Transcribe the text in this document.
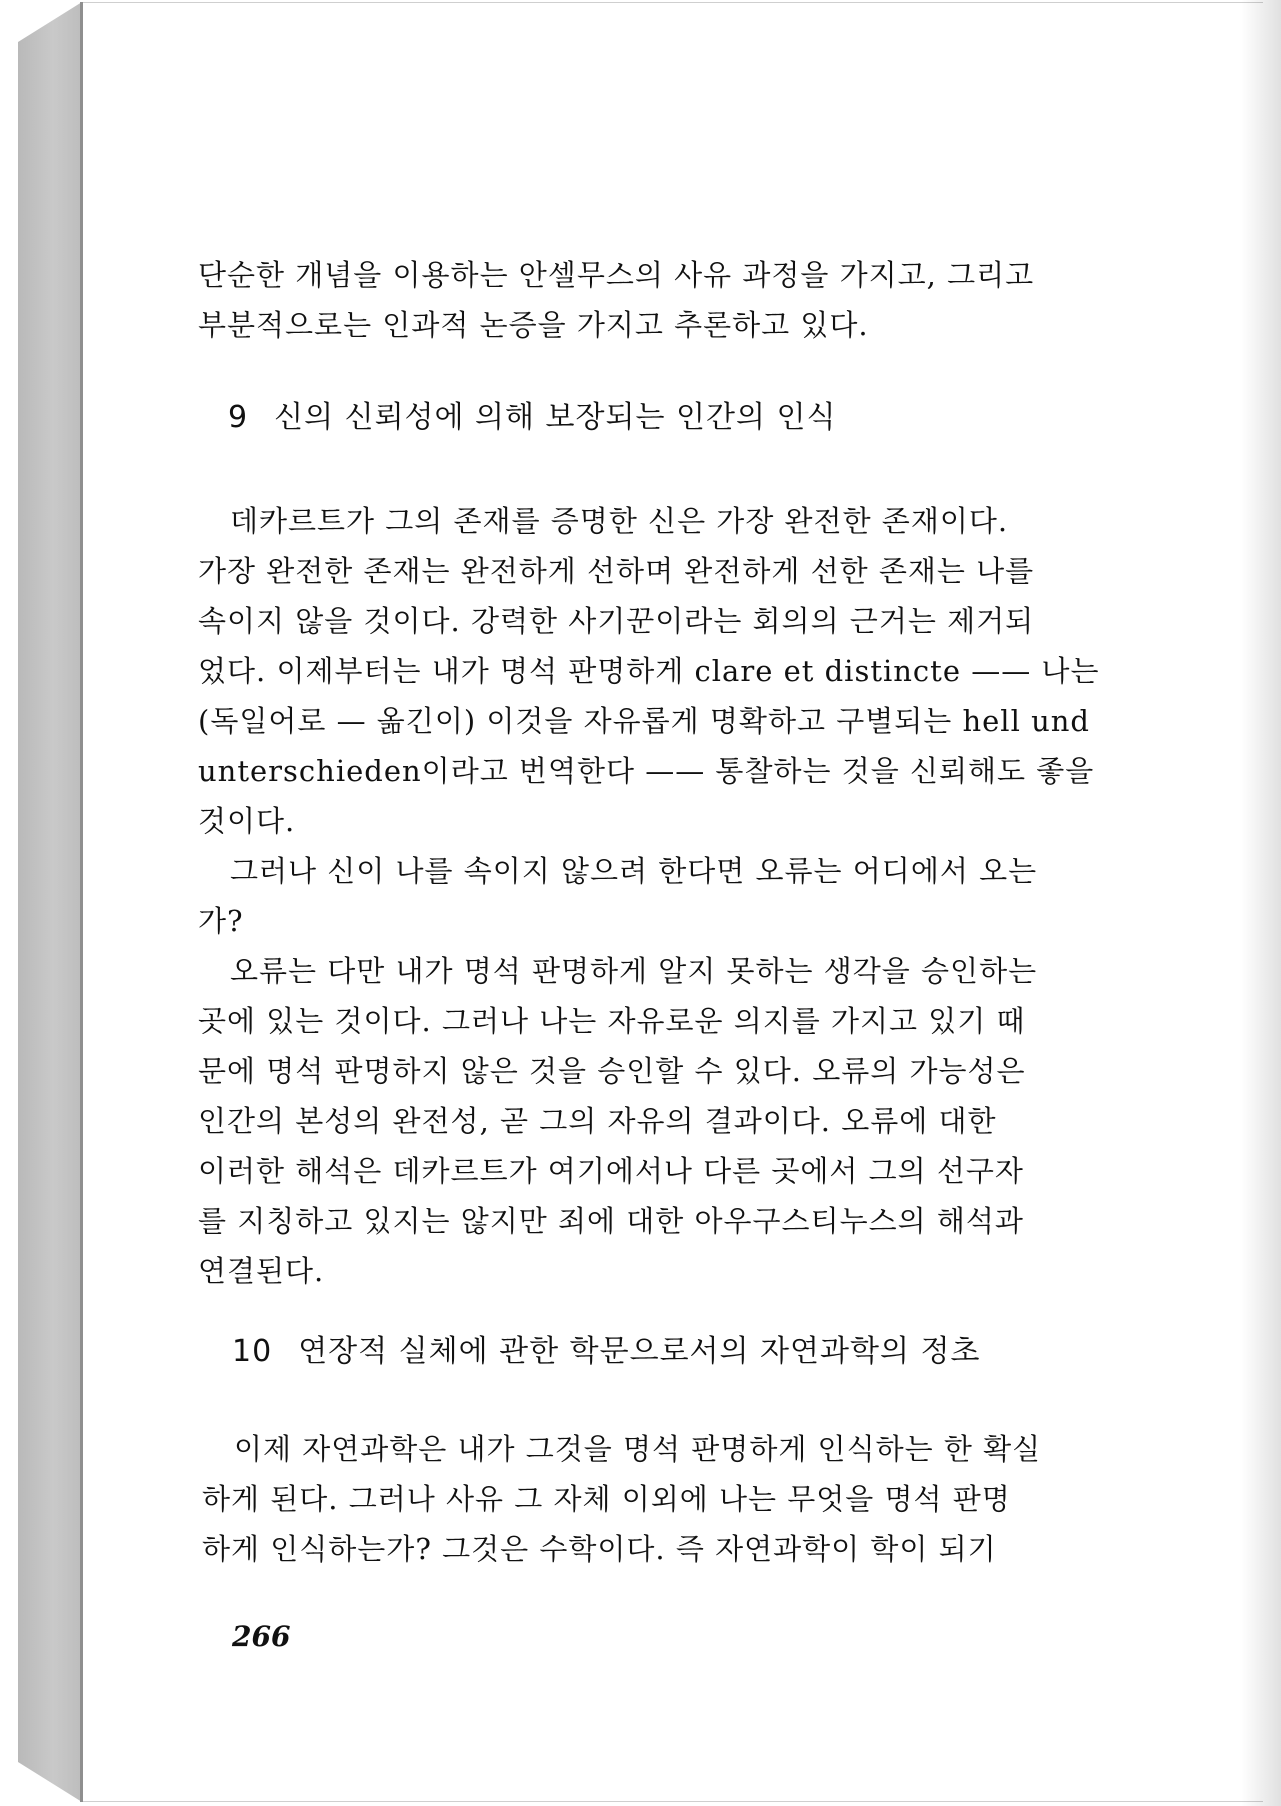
단순한 개념을 이용하는 안셀무스의 사유 과정을 가지고, 그리고
부분적으로는 인과적 논증을 가지고 추론하고 있다.
9 신의 신뢰성에 의해 보장되는 인간의 인식
데카르트가 그의 존재를 증명한 신은 가장 완전한 존재이다.
가장 완전한 존재는 완전하게 선하며 완전하게 선한 존재는 나를
속이지 않을 것이다. 강력한 사기꾼이라는 회의의 근거는 제거되
었다. 이제부터는 내가 명석 판명하게 clare et distincte —— 나는
(독일어로 — 옮긴이) 이것을 자유롭게 명확하고 구별되는 hell und
unterschieden이라고 번역한다 —— 통찰하는 것을 신뢰해도 좋을
것이다.
그러나 신이 나를 속이지 않으려 한다면 오류는 어디에서 오는
가?
오류는 다만 내가 명석 판명하게 알지 못하는 생각을 승인하는
곳에 있는 것이다. 그러나 나는 자유로운 의지를 가지고 있기 때
문에 명석 판명하지 않은 것을 승인할 수 있다. 오류의 가능성은
인간의 본성의 완전성, 곧 그의 자유의 결과이다. 오류에 대한
이러한 해석은 데카르트가 여기에서나 다른 곳에서 그의 선구자
를 지칭하고 있지는 않지만 죄에 대한 아우구스티누스의 해석과
연결된다.
10 연장적 실체에 관한 학문으로서의 자연과학의 정초
이제 자연과학은 내가 그것을 명석 판명하게 인식하는 한 확실
하게 된다. 그러나 사유 그 자체 이외에 나는 무엇을 명석 판명
하게 인식하는가? 그것은 수학이다. 즉 자연과학이 학이 되기
266
